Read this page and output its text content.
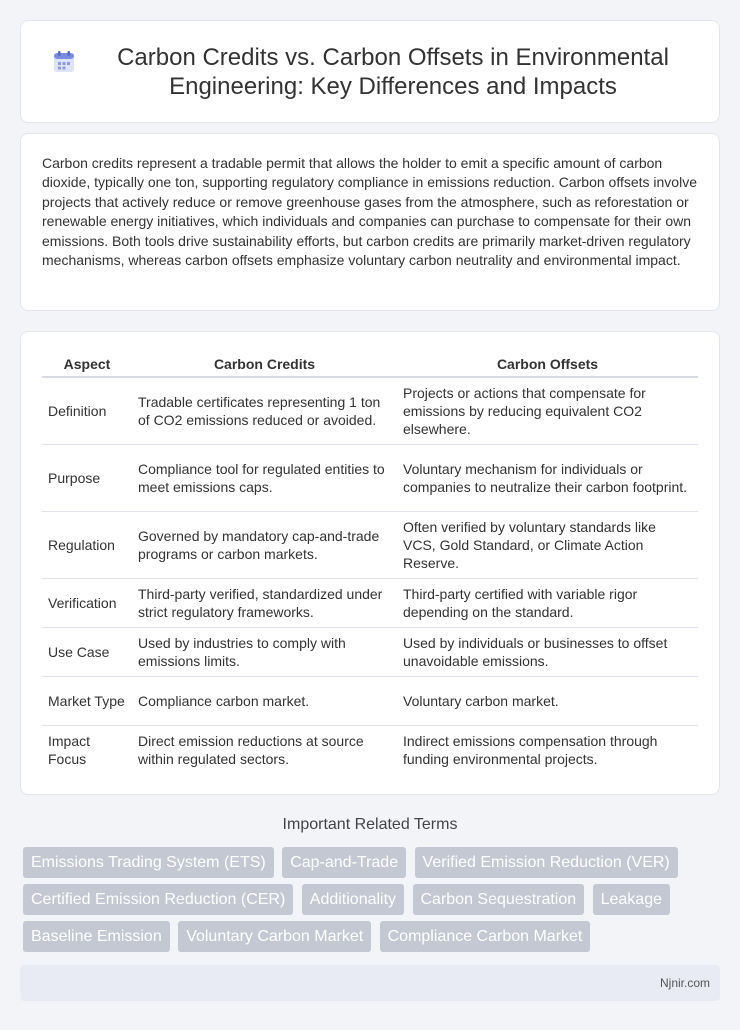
Carbon Credits vs. Carbon Offsets in Environmental Engineering: Key Differences and Impacts

Carbon credits represent a tradable permit that allows the holder to emit a specific amount of carbon dioxide, typically one ton, supporting regulatory compliance in emissions reduction. Carbon offsets involve projects that actively reduce or remove greenhouse gases from the atmosphere, such as reforestation or renewable energy initiatives, which individuals and companies can purchase to compensate for their own emissions. Both tools drive sustainability efforts, but carbon credits are primarily market-driven regulatory mechanisms, whereas carbon offsets emphasize voluntary carbon neutrality and environmental impact.

Aspect	Carbon Credits	Carbon Offsets
Definition	Tradable certificates representing 1 ton of CO2 emissions reduced or avoided.	Projects or actions that compensate for emissions by reducing equivalent CO2 elsewhere.
Purpose	Compliance tool for regulated entities to meet emissions caps.	Voluntary mechanism for individuals or companies to neutralize their carbon footprint.
Regulation	Governed by mandatory cap-and-trade programs or carbon markets.	Often verified by voluntary standards like VCS, Gold Standard, or Climate Action Reserve.
Verification	Third-party verified, standardized under strict regulatory frameworks.	Third-party certified with variable rigor depending on the standard.
Use Case	Used by industries to comply with emissions limits.	Used by individuals or businesses to offset unavoidable emissions.
Market Type	Compliance carbon market.	Voluntary carbon market.
Impact Focus	Direct emission reductions at source within regulated sectors.	Indirect emissions compensation through funding environmental projects.
Important Related Terms
Emissions Trading System (ETS) Cap-and-Trade Verified Emission Reduction (VER) Certified Emission Reduction (CER) Additionality Carbon Sequestration Leakage Baseline Emission Voluntary Carbon Market Compliance Carbon Market
Njnir.com
